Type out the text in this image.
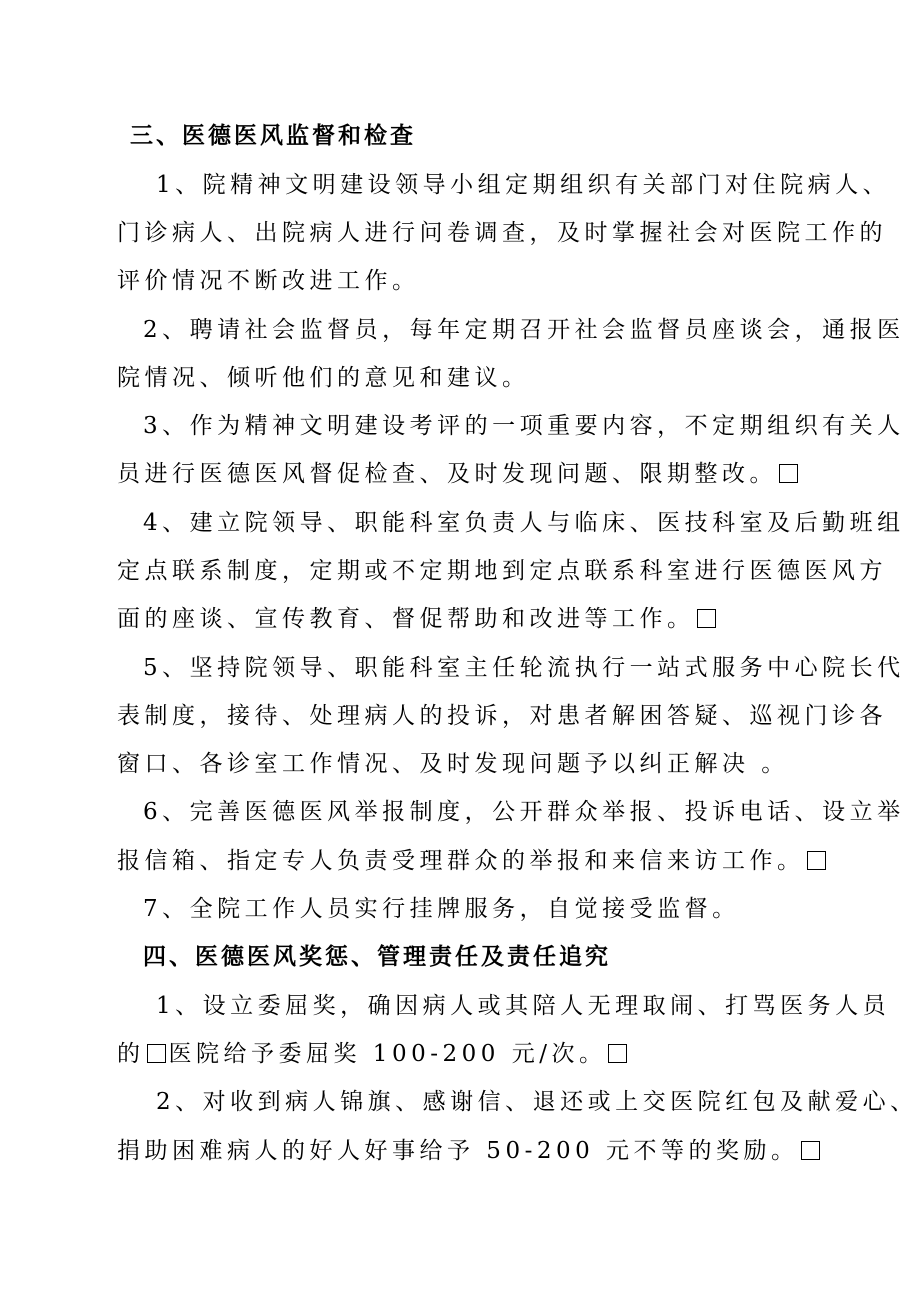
三、医德医风监督和检查
1、院精神文明建设领导小组定期组织有关部门对住院病人、
门诊病人、出院病人进行问卷调查，及时掌握社会对医院工作的
评价情况不断改进工作。
2、聘请社会监督员，每年定期召开社会监督员座谈会，通报医
院情况、倾听他们的意见和建议。
3、作为精神文明建设考评的一项重要内容，不定期组织有关人
员进行医德医风督促检查、及时发现问题、限期整改。
4、建立院领导、职能科室负责人与临床、医技科室及后勤班组
定点联系制度，定期或不定期地到定点联系科室进行医德医风方
面的座谈、宣传教育、督促帮助和改进等工作。
5、坚持院领导、职能科室主任轮流执行一站式服务中心院长代
表制度，接待、处理病人的投诉，对患者解困答疑、巡视门诊各
窗口、各诊室工作情况、及时发现问题予以纠正解决 。
6、完善医德医风举报制度，公开群众举报、投诉电话、设立举
报信箱、指定专人负责受理群众的举报和来信来访工作。
7、全院工作人员实行挂牌服务，自觉接受监督。
四、医德医风奖惩、管理责任及责任追究
1、设立委屈奖，确因病人或其陪人无理取闹、打骂医务人员
的 医院给予委屈奖 100-200 元/次。
2、对收到病人锦旗、感谢信、退还或上交医院红包及献爱心、
捐助困难病人的好人好事给予 50-200 元不等的奖励。
